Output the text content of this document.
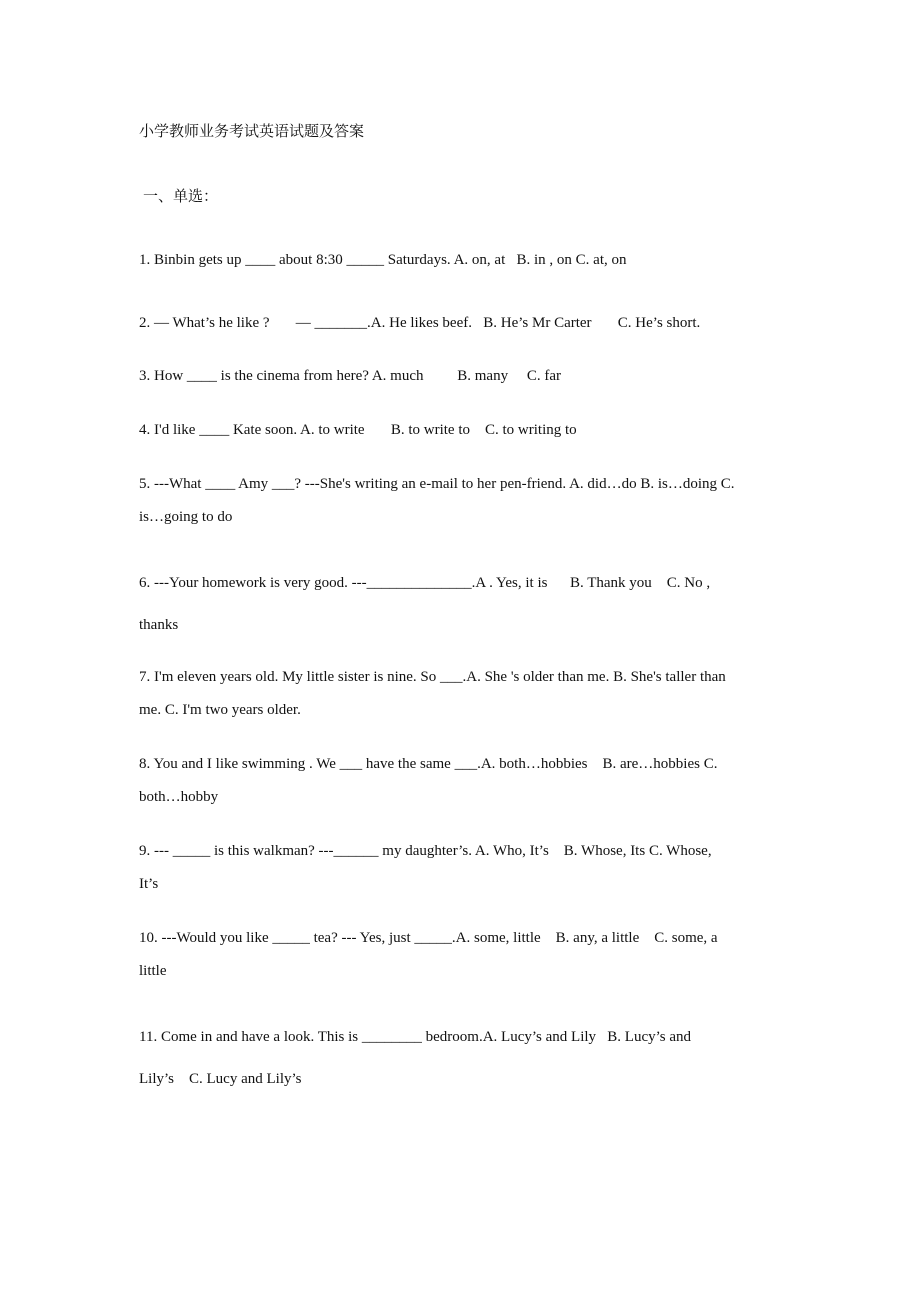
小学教师业务考试英语试题及答案
一、单选：
1. Binbin gets up ____ about 8:30 _____ Saturdays. A. on, at   B. in , on C. at, on
2. — What’s he like ?       — _______.A. He likes beef.   B. He’s Mr Carter       C. He’s short.
3. How ____ is the cinema from here? A. much         B. many     C. far
4. I'd like ____ Kate soon. A. to write       B. to write to    C. to writing to
5. ---What ____ Amy ___? ---She's writing an e-mail to her pen-friend. A. did…do B. is…doing C.
is…going to do
6. ---Your homework is very good. ---______________.A . Yes, it is      B. Thank you    C. No ,
thanks
7. I'm eleven years old. My little sister is nine. So ___.A. She 's older than me. B. She's taller than
me. C. I'm two years older.
8. You and I like swimming . We ___ have the same ___.A. both…hobbies    B. are…hobbies C.
both…hobby
9. --- _____ is this walkman? ---______ my daughter’s. A. Who, It’s    B. Whose, Its C. Whose,
It’s
10. ---Would you like _____ tea? --- Yes, just _____.A. some, little    B. any, a little    C. some, a
little
11. Come in and have a look. This is ________ bedroom.A. Lucy’s and Lily   B. Lucy’s and
Lily’s    C. Lucy and Lily’s
